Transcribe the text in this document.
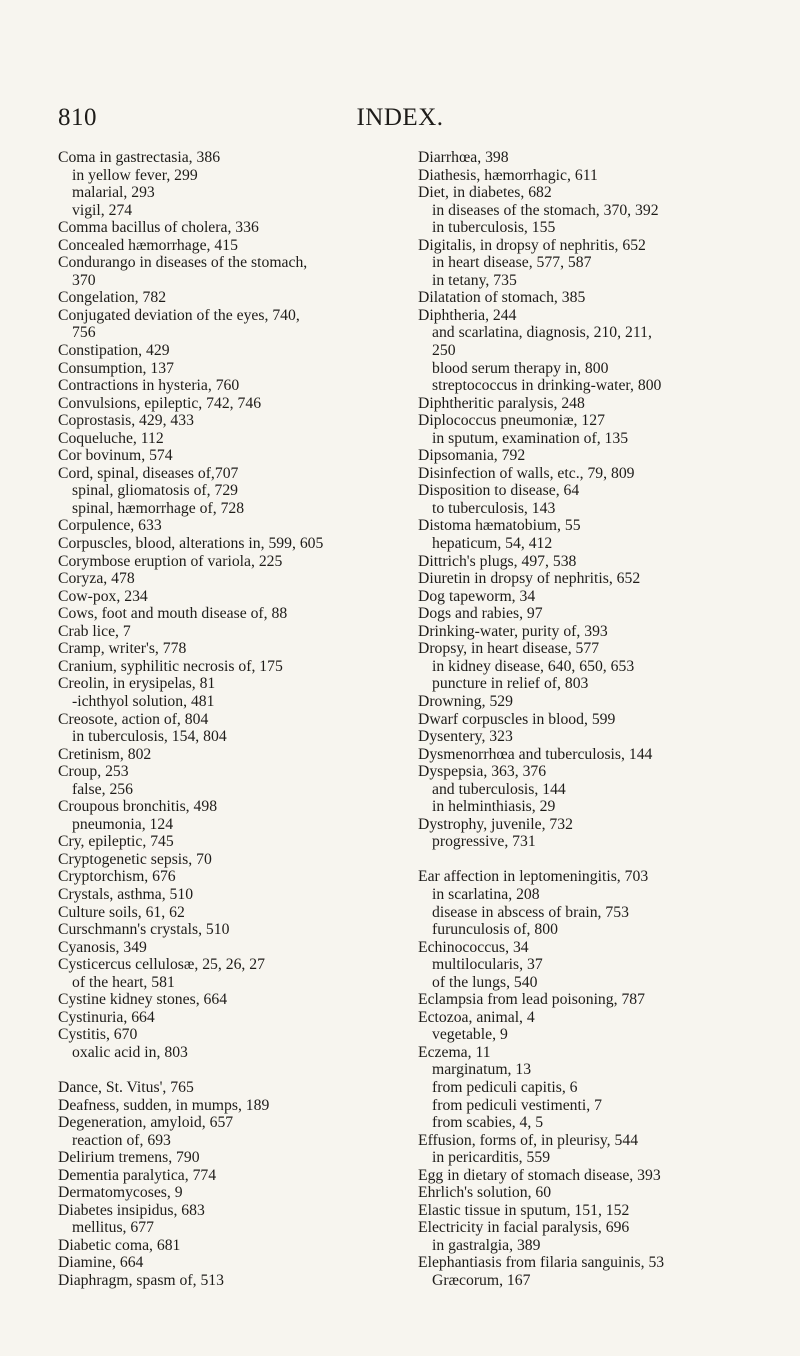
810	INDEX.
Coma in gastrectasia, 386
in yellow fever, 299
malarial, 293
vigil, 274
Comma bacillus of cholera, 336
Concealed hæmorrhage, 415
Condurango in diseases of the stomach,
370
Congelation, 782
Conjugated deviation of the eyes, 740,
756
Constipation, 429
Consumption, 137
Contractions in hysteria, 760
Convulsions, epileptic, 742, 746
Coprostasis, 429, 433
Coqueluche, 112
Cor bovinum, 574
Cord, spinal, diseases of,707
spinal, gliomatosis of, 729
spinal, hæmorrhage of, 728
Corpulence, 633
Corpuscles, blood, alterations in, 599, 605
Corymbose eruption of variola, 225
Coryza, 478
Cow-pox, 234
Cows, foot and mouth disease of, 88
Crab lice, 7
Cramp, writer's, 778
Cranium, syphilitic necrosis of, 175
Creolin, in erysipelas, 81
-ichthyol solution, 481
Creosote, action of, 804
in tuberculosis, 154, 804
Cretinism, 802
Croup, 253
false, 256
Croupous bronchitis, 498
pneumonia, 124
Cry, epileptic, 745
Cryptogenetic sepsis, 70
Cryptorchism, 676
Crystals, asthma, 510
Culture soils, 61, 62
Curschmann's crystals, 510
Cyanosis, 349
Cysticercus cellulosæ, 25, 26, 27
of the heart, 581
Cystine kidney stones, 664
Cystinuria, 664
Cystitis, 670
oxalic acid in, 803
Dance, St. Vitus', 765
Deafness, sudden, in mumps, 189
Degeneration, amyloid, 657
reaction of, 693
Delirium tremens, 790
Dementia paralytica, 774
Dermatomycoses, 9
Diabetes insipidus, 683
mellitus, 677
Diabetic coma, 681
Diamine, 664
Diaphragm, spasm of, 513
Diarrhœa, 398
Diathesis, hæmorrhagic, 611
Diet, in diabetes, 682
in diseases of the stomach, 370, 392
in tuberculosis, 155
Digitalis, in dropsy of nephritis, 652
in heart disease, 577, 587
in tetany, 735
Dilatation of stomach, 385
Diphtheria, 244
and scarlatina, diagnosis, 210, 211,
250
blood serum therapy in, 800
streptococcus in drinking-water, 800
Diphtheritic paralysis, 248
Diplococcus pneumoniæ, 127
in sputum, examination of, 135
Dipsomania, 792
Disinfection of walls, etc., 79, 809
Disposition to disease, 64
to tuberculosis, 143
Distoma hæmatobium, 55
hepaticum, 54, 412
Dittrich's plugs, 497, 538
Diuretin in dropsy of nephritis, 652
Dog tapeworm, 34
Dogs and rabies, 97
Drinking-water, purity of, 393
Dropsy, in heart disease, 577
in kidney disease, 640, 650, 653
puncture in relief of, 803
Drowning, 529
Dwarf corpuscles in blood, 599
Dysentery, 323
Dysmenorrhœa and tuberculosis, 144
Dyspepsia, 363, 376
and tuberculosis, 144
in helminthiasis, 29
Dystrophy, juvenile, 732
progressive, 731
Ear affection in leptomeningitis, 703
in scarlatina, 208
disease in abscess of brain, 753
furunculosis of, 800
Echinococcus, 34
multilocularis, 37
of the lungs, 540
Eclampsia from lead poisoning, 787
Ectozoa, animal, 4
vegetable, 9
Eczema, 11
marginatum, 13
from pediculi capitis, 6
from pediculi vestimenti, 7
from scabies, 4, 5
Effusion, forms of, in pleurisy, 544
in pericarditis, 559
Egg in dietary of stomach disease, 393
Ehrlich's solution, 60
Elastic tissue in sputum, 151, 152
Electricity in facial paralysis, 696
in gastralgia, 389
Elephantiasis from filaria sanguinis, 53
Græcorum, 167
